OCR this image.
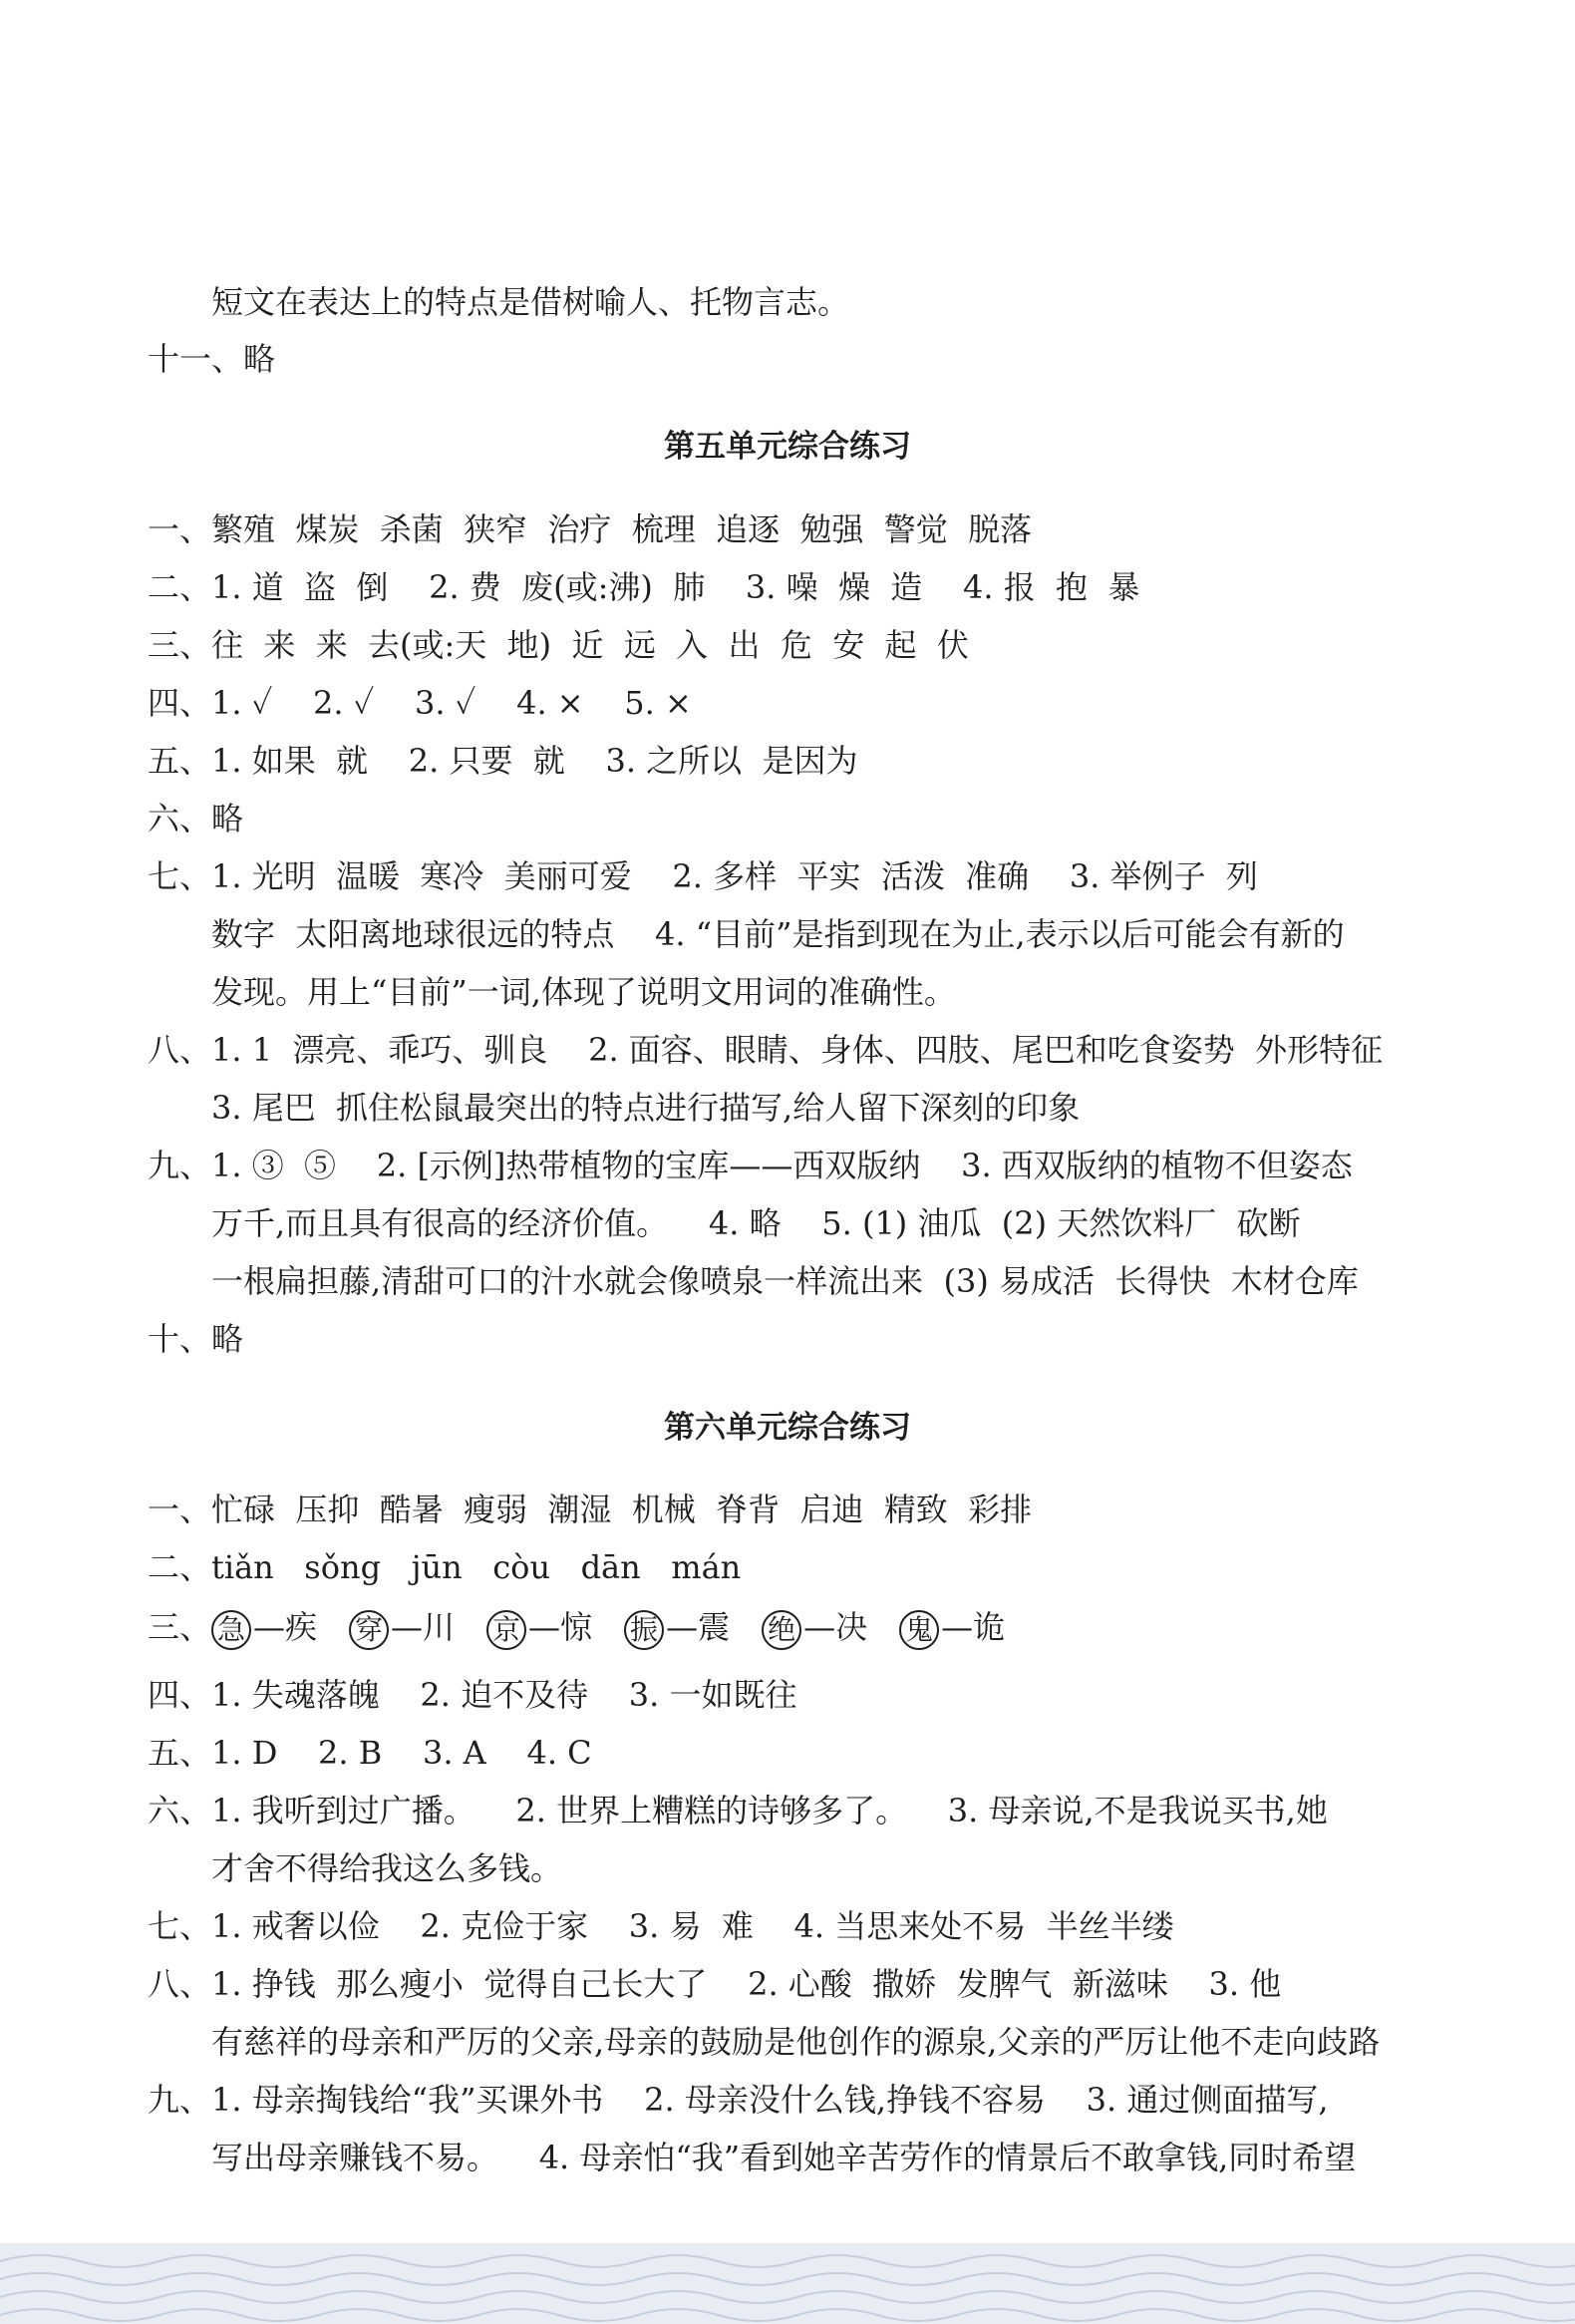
短文在表达上的特点是借树喻人、托物言志。
十一、略
第五单元综合练习
一、繁殖  煤炭  杀菌  狭窄  治疗  梳理  追逐  勉强  警觉  脱落
二、1. 道  盗  倒    2. 费  废(或:沸)  肺    3. 噪  燥  造    4. 报  抱  暴
三、往  来  来  去(或:天  地)  近  远  入  出  危  安  起  伏
四、1. ✓    2. ✓    3. ✓    4. ×    5. ×
五、1. 如果  就    2. 只要  就    3. 之所以  是因为
六、略
七、1. 光明  温暖  寒冷  美丽可爱    2. 多样  平实  活泼  准确    3. 举例子  列
数字  太阳离地球很远的特点    4. “目前”是指到现在为止,表示以后可能会有新的
发现。用上“目前”一词,体现了说明文用词的准确性。
八、1. 1  漂亮、乖巧、驯良    2. 面容、眼睛、身体、四肢、尾巴和吃食姿势  外形特征
3. 尾巴  抓住松鼠最突出的特点进行描写,给人留下深刻的印象
九、1. ③  ⑤    2. [示例]热带植物的宝库——西双版纳    3. 西双版纳的植物不但姿态
万千,而且具有很高的经济价值。    4. 略    5. (1) 油瓜  (2) 天然饮料厂  砍断
一根扁担藤,清甜可口的汁水就会像喷泉一样流出来  (3) 易成活  长得快  木材仓库
十、略
第六单元综合练习
一、忙碌  压抑  酷暑  瘦弱  潮湿  机械  脊背  启迪  精致  彩排
二、tiǎn   sǒng   jūn   còu   dān   mán
三、 急 —疾 穿 —川 京 —惊 振 —震 绝 —决 鬼 —诡
四、1. 失魂落魄    2. 迫不及待    3. 一如既往
五、1. D    2. B    3. A    4. C
六、1. 我听到过广播。    2. 世界上糟糕的诗够多了。    3. 母亲说,不是我说买书,她
才舍不得给我这么多钱。
七、1. 戒奢以俭    2. 克俭于家    3. 易  难    4. 当思来处不易  半丝半缕
八、1. 挣钱  那么瘦小  觉得自己长大了    2. 心酸  撒娇  发脾气  新滋味    3. 他
有慈祥的母亲和严厉的父亲,母亲的鼓励是他创作的源泉,父亲的严厉让他不走向歧路
九、1. 母亲掏钱给“我”买课外书    2. 母亲没什么钱,挣钱不容易    3. 通过侧面描写,
写出母亲赚钱不易。    4. 母亲怕“我”看到她辛苦劳作的情景后不敢拿钱,同时希望
